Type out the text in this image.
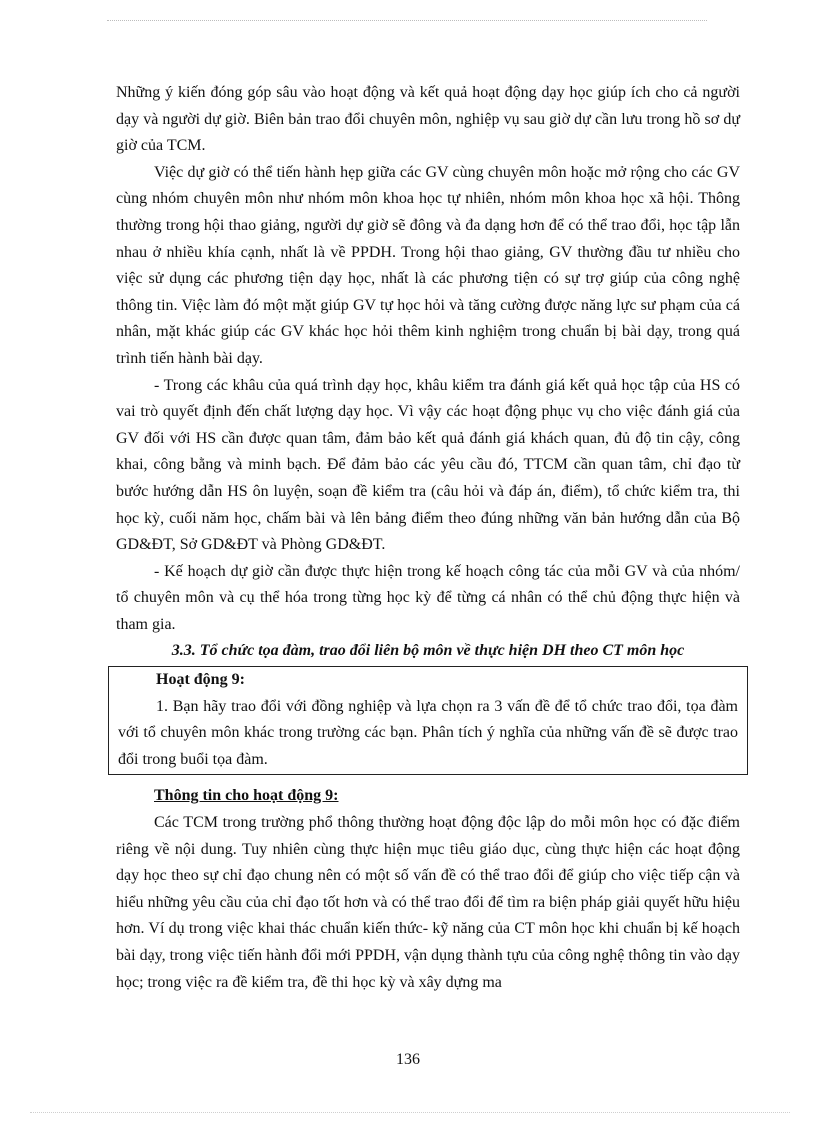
Những ý kiến đóng góp sâu vào hoạt động và kết quả hoạt động dạy học giúp ích cho cả người dạy và người dự giờ. Biên bản trao đổi chuyên môn, nghiệp vụ sau giờ dự cần lưu trong hồ sơ dự giờ của TCM.

Việc dự giờ có thể tiến hành hẹp giữa các GV cùng chuyên môn hoặc mở rộng cho các GV cùng nhóm chuyên môn như nhóm môn khoa học tự nhiên, nhóm môn khoa học xã hội. Thông thường trong hội thao giảng, người dự giờ sẽ đông và đa dạng hơn để có thể trao đổi, học tập lẫn nhau ở nhiều khía cạnh, nhất là về PPDH. Trong hội thao giảng, GV thường đầu tư nhiều cho việc sử dụng các phương tiện dạy học, nhất là các phương tiện có sự trợ giúp của công nghệ thông tin. Việc làm đó một mặt giúp GV tự học hỏi và tăng cường được năng lực sư phạm của cá nhân, mặt khác giúp các GV khác học hỏi thêm kinh nghiệm trong chuẩn bị bài dạy, trong quá trình tiến hành bài dạy.

- Trong các khâu của quá trình dạy học, khâu kiểm tra đánh giá kết quả học tập của HS có vai trò quyết định đến chất lượng dạy học. Vì vậy các hoạt động phục vụ cho việc đánh giá của GV đối với HS cần được quan tâm, đảm bảo kết quả đánh giá khách quan, đủ độ tin cậy, công khai, công bằng và minh bạch. Để đảm bảo các yêu cầu đó, TTCM cần quan tâm, chỉ đạo từ bước hướng dẫn HS ôn luyện, soạn đề kiểm tra (câu hỏi và đáp án, điểm), tổ chức kiểm tra, thi học kỳ, cuối năm học, chấm bài và lên bảng điểm theo đúng những văn bản hướng dẫn của Bộ GD&ĐT, Sở GD&ĐT và Phòng GD&ĐT.

- Kế hoạch dự giờ cần được thực hiện trong kế hoạch công tác của mỗi GV và của nhóm/ tổ chuyên môn và cụ thể hóa trong từng học kỳ để từng cá nhân có thể chủ động thực hiện và tham gia.

3.3. Tổ chức tọa đàm, trao đổi liên bộ môn về thực hiện DH theo CT môn học

Hoạt động 9:

1. Bạn hãy trao đổi với đồng nghiệp và lựa chọn ra 3 vấn đề để tổ chức trao đổi, tọa đàm với tổ chuyên môn khác trong trường các bạn. Phân tích ý nghĩa của những vấn đề sẽ được trao đổi trong buổi tọa đàm.

Thông tin cho hoạt động 9:

Các TCM trong trường phổ thông thường hoạt động độc lập do mỗi môn học có đặc điểm riêng về nội dung. Tuy nhiên cùng thực hiện mục tiêu giáo dục, cùng thực hiện các hoạt động dạy học theo sự chỉ đạo chung nên có một số vấn đề có thể trao đổi để giúp cho việc tiếp cận và hiểu những yêu cầu của chỉ đạo tốt hơn và có thể trao đổi để tìm ra biện pháp giải quyết hữu hiệu hơn. Ví dụ trong việc khai thác chuẩn kiến thức- kỹ năng của CT môn học khi chuẩn bị kế hoạch bài dạy, trong việc tiến hành đổi mới PPDH, vận dụng thành tựu của công nghệ thông tin vào dạy học; trong việc ra đề kiểm tra, đề thi học kỳ và xây dựng ma

136
